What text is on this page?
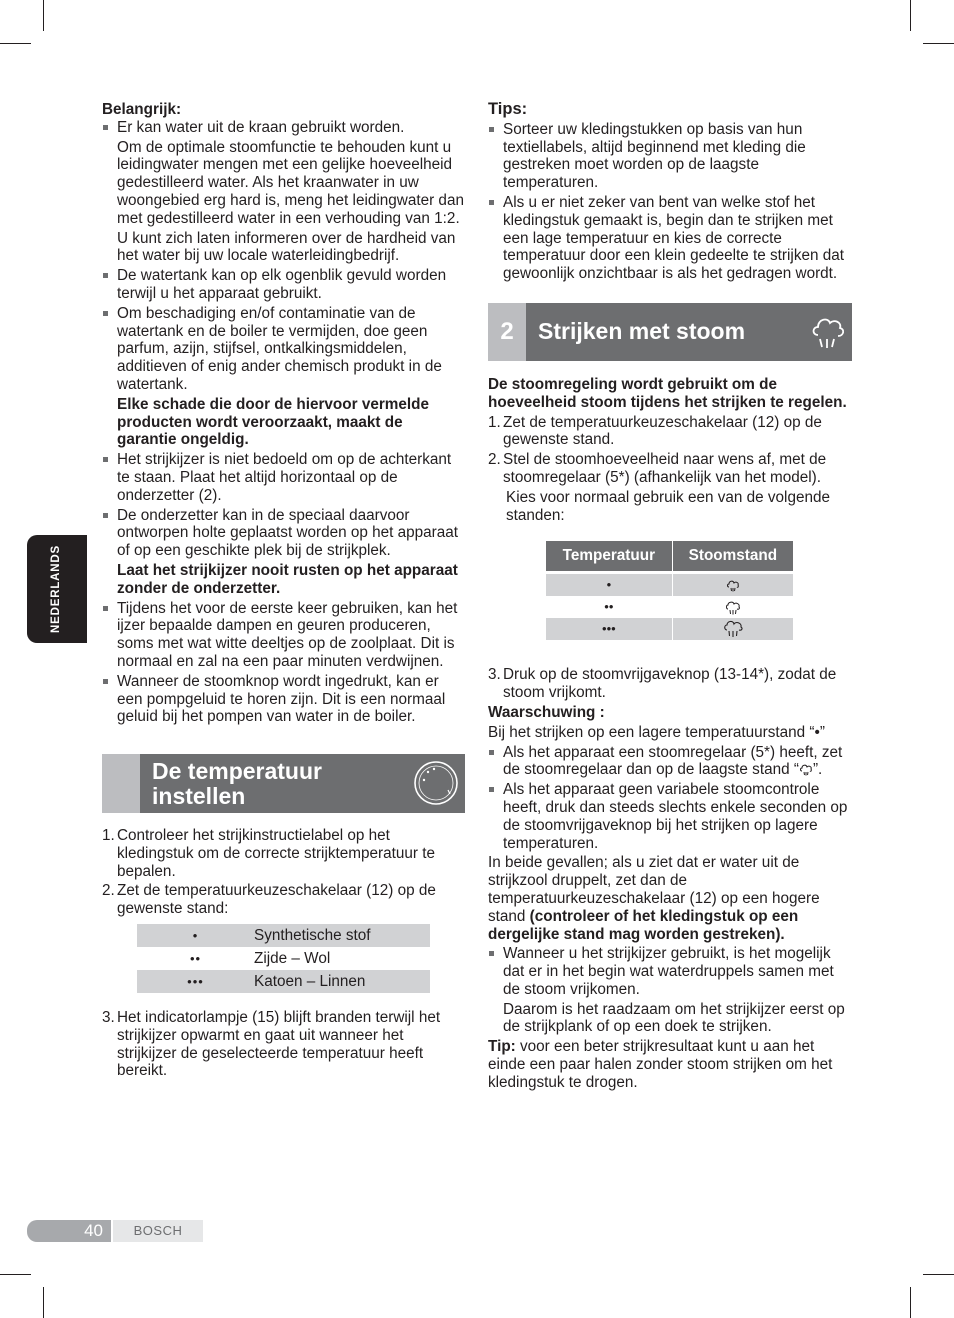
Belangrijk:

Er kan water uit de kraan gebruikt worden.

Om de optimale stoomfunctie te behouden kunt u leidingwater mengen met een gelijke hoeveelheid gedestilleerd water. Als het kraanwater in uw woongebied erg hard is, meng het leidingwater dan met gedestilleerd water in een verhouding van 1:2.

U kunt zich laten informeren over de hardheid van het water bij uw locale waterleidingbedrijf.

De watertank kan op elk ogenblik gevuld worden terwijl u het apparaat gebruikt.

Om beschadiging en/of contaminatie van de watertank en de boiler te vermijden, doe geen parfum, azijn, stijfsel, ontkalkingsmiddelen, additieven of enig ander chemisch produkt in de watertank.

Elke schade die door de hiervoor vermelde producten wordt veroorzaakt, maakt de garantie ongeldig.

Het strijkijzer is niet bedoeld om op de achterkant te staan. Plaat het altijd horizontaal op de onderzetter (2).

De onderzetter kan in de speciaal daarvoor ontworpen holte geplaatst worden op het apparaat of op een geschikte plek bij de strijkplek.

Laat het strijkijzer nooit rusten op het apparaat zonder de onderzetter.

Tijdens het voor de eerste keer gebruiken, kan het ijzer bepaalde dampen en geuren produceren, soms met wat witte deeltjes op de zoolplaat. Dit is normaal en zal na een paar minuten verdwijnen.

Wanneer de stoomknop wordt ingedrukt, kan er een pompgeluid te horen zijn. Dit is een normaal geluid bij het pompen van water in de boiler.

De temperatuur
instellen

1. Controleer het strijkinstructielabel op het kledingstuk om de correcte strijktemperatuur te bepalen.

2. Zet de temperatuurkeuzeschakelaar (12) op de gewenste stand:

•	Synthetische stof
••	Zijde – Wol
•••	Katoen – Linnen

3. Het indicatorlampje (15) blijft branden terwijl het strijkijzer opwarmt en gaat uit wanneer het strijkijzer de geselecteerde temperatuur heeft bereikt.

Tips:

Sorteer uw kledingstukken op basis van hun textiellabels, altijd beginnend met kleding die gestreken moet worden op de laagste temperaturen.

Als u er niet zeker van bent van welke stof het kledingstuk gemaakt is, begin dan te strijken met een lage temperatuur en kies de correcte temperatuur door een klein gedeelte te strijken dat gewoonlijk onzichtbaar is als het gedragen wordt.

2	Strijken met stoom

De stoomregeling wordt gebruikt om de hoeveelheid stoom tijdens het strijken te regelen.

1. Zet de temperatuurkeuzeschakelaar (12) op de gewenste stand.

2. Stel de stoomhoeveelheid naar wens af, met de stoomregelaar (5*) (afhankelijk van het model).

Kies voor normaal gebruik een van de volgende standen:

Temperatuur	Stoomstand

•	
••	
•••	

3. Druk op de stoomvrijgaveknop (13-14*), zodat de stoom vrijkomt.

Waarschuwing :

Bij het strijken op een lagere temperatuurstand “•”

Als het apparaat een stoomregelaar (5*) heeft, zet de stoomregelaar dan op de laagste stand “ ”.

Als het apparaat geen variabele stoomcontrole heeft, druk dan steeds slechts enkele seconden op de stoomvrijgaveknop bij het strijken op lagere temperaturen.

In beide gevallen; als u ziet dat er water uit de strijkzool druppelt, zet dan de temperatuurkeuzeschakelaar (12) op een hogere stand (controleer of het kledingstuk op een dergelijke stand mag worden gestreken).

Wanneer u het strijkijzer gebruikt, is het mogelijk dat er in het begin wat waterdruppels samen met de stoom vrijkomen.

Daarom is het raadzaam om het strijkijzer eerst op de strijkplank of op een doek te strijken.

Tip: voor een beter strijkresultaat kunt u aan het einde een paar halen zonder stoom strijken om het kledingstuk te drogen.

NEDERLANDS
40	BOSCH
